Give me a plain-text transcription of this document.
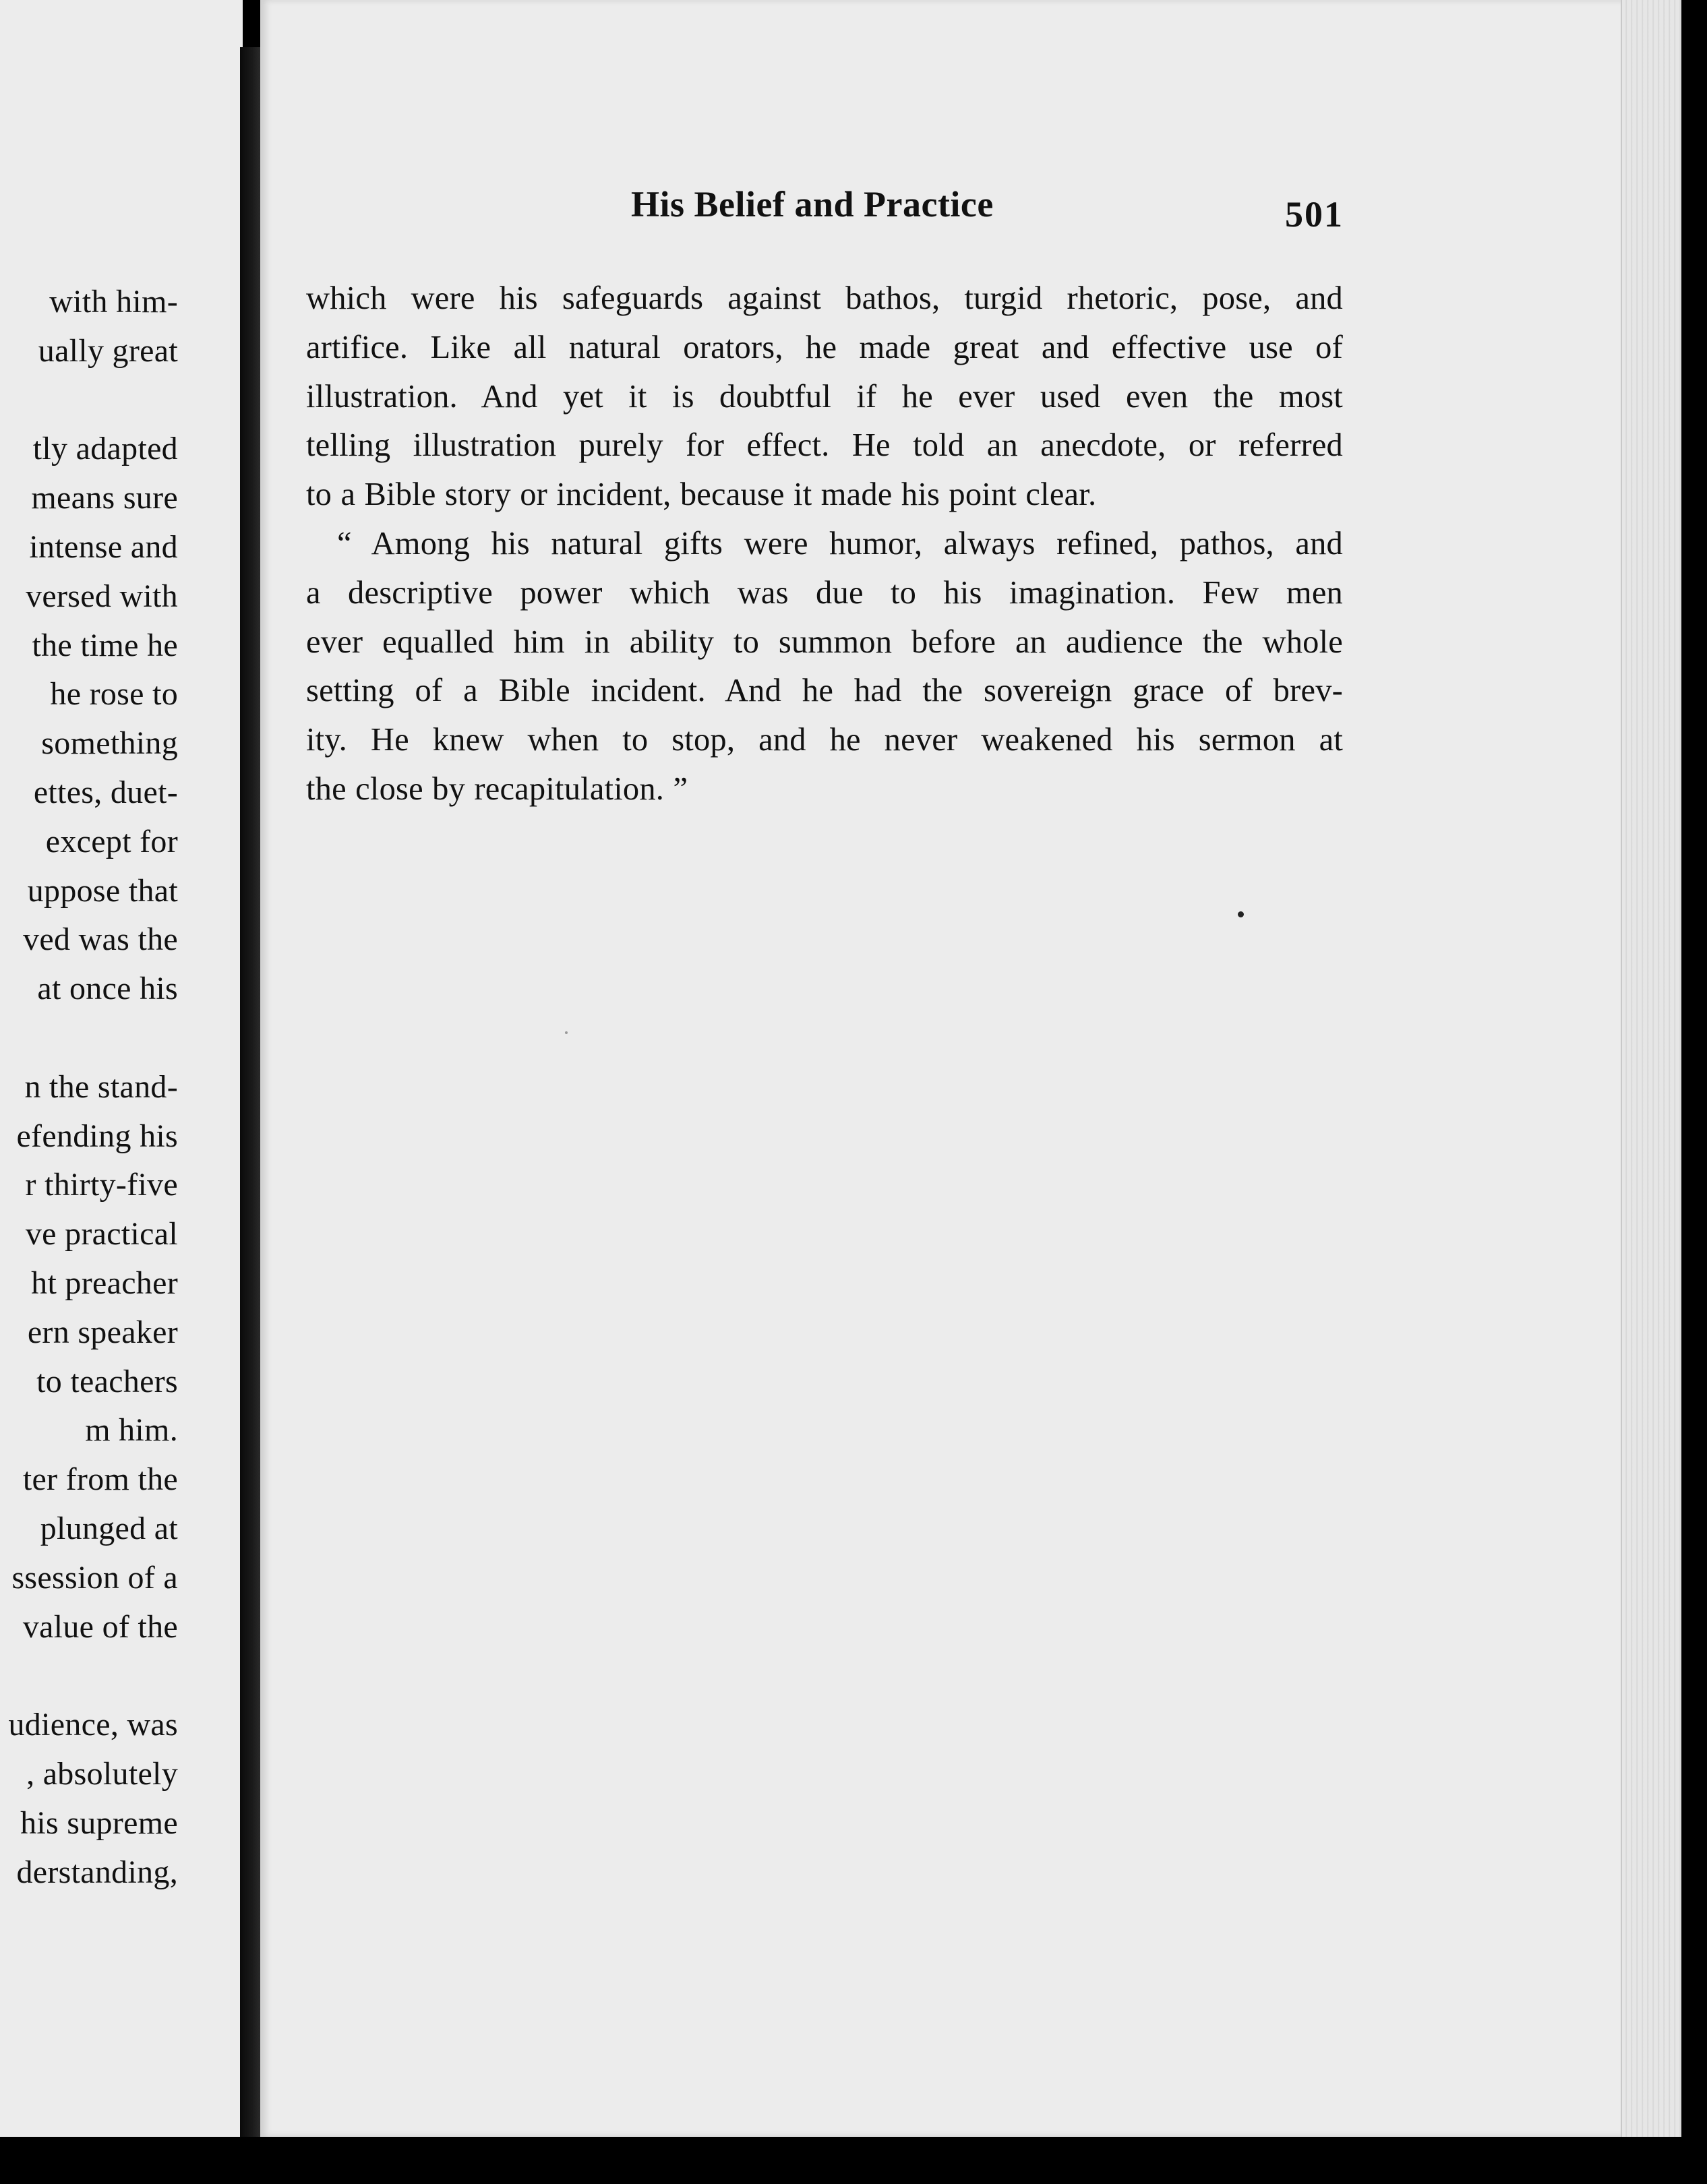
with him-
ually great
tly adapted
means sure
intense and
versed with
the time he
he rose to
something
ettes, duet-
except for
uppose that
ved was the
at once his
n the stand-
efending his
r thirty-five
ve practical
ht preacher
ern speaker
to teachers
m him.
ter from the
plunged at
ssession of a
value of the
udience, was
, absolutely
his supreme
derstanding,
His Belief and Practice	501
which were his safeguards against bathos, turgid rhetoric, pose, and
artifice. Like all natural orators, he made great and effective use of
illustration. And yet it is doubtful if he ever used even the most
telling illustration purely for effect. He told an anecdote, or referred
to a Bible story or incident, because it made his point clear.
“ Among his natural gifts were humor, always refined, pathos, and
a descriptive power which was due to his imagination. Few men
ever equalled him in ability to summon before an audience the whole
setting of a Bible incident. And he had the sovereign grace of brev-
ity. He knew when to stop, and he never weakened his sermon at
the close by recapitulation. ”
